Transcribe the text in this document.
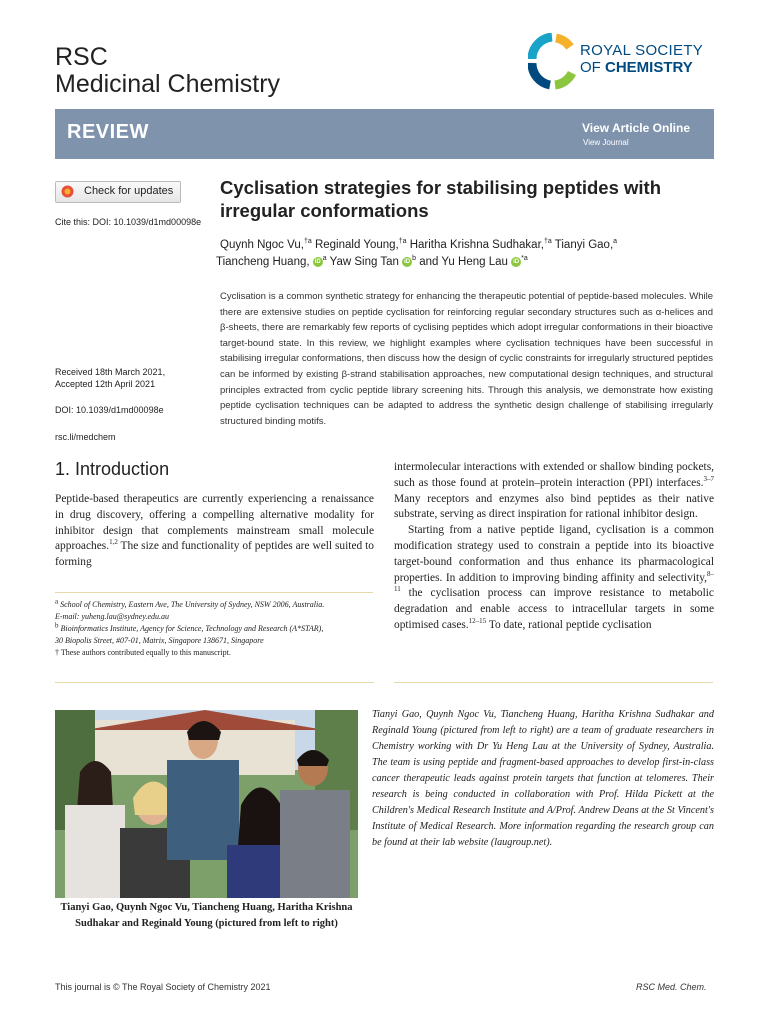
RSC
Medicinal Chemistry
ROYAL SOCIETY
OF CHEMISTRY
REVIEW	View Article Online
View Journal
Check for updates
Cite this: DOI: 10.1039/d1md00098e
Received 18th March 2021,
Accepted 12th April 2021
DOI: 10.1039/d1md00098e
rsc.li/medchem
Cyclisation strategies for stabilising peptides with irregular conformations
Quynh Ngoc Vu,$^{\dagger a}$ Reginald Young,$^{\dagger a}$ Haritha Krishna Sudhakar,$^{\dagger a}$ Tianyi Gao,$^a$
Tiancheng Huang, iD $^a$ Yaw Sing Tan iD $^b$ and Yu Heng Lau iD $^{*a}$
Cyclisation is a common synthetic strategy for enhancing the therapeutic potential of peptide-based molecules. While there are extensive studies on peptide cyclisation for reinforcing regular secondary structures such as α-helices and β-sheets, there are remarkably few reports of cyclising peptides which adopt irregular conformations in their bioactive target-bound state. In this review, we highlight examples where cyclisation techniques have been successful in stabilising irregular conformations, then discuss how the design of cyclic constraints for irregularly structured peptides can be informed by existing β-strand stabilisation approaches, new computational design techniques, and structural principles extracted from cyclic peptide library screening hits. Through this analysis, we demonstrate how existing peptide cyclisation techniques can be adapted to address the synthetic design challenge of stabilising irregularly structured binding motifs.
1. Introduction
Peptide-based therapeutics are currently experiencing a renaissance in drug discovery, offering a compelling alternative modality for inhibitor design that complements mainstream small molecule approaches.$^{1,2}$ The size and functionality of peptides are well suited to forming
$^a$ School of Chemistry, Eastern Ave, The University of Sydney, NSW 2006, Australia.
E-mail: yuheng.lau@sydney.edu.au
$^b$ Bioinformatics Institute, Agency for Science, Technology and Research (A*STAR),
30 Biopolis Street, #07-01, Matrix, Singapore 138671, Singapore
† These authors contributed equally to this manuscript.
intermolecular interactions with extended or shallow binding pockets, such as those found at protein–protein interaction (PPI) interfaces.$^{3-7}$ Many receptors and enzymes also bind peptides as their native substrate, serving as direct inspiration for rational inhibitor design.
Starting from a native peptide ligand, cyclisation is a common modification strategy used to constrain a peptide into its bioactive target-bound conformation and thus enhance its pharmacological properties. In addition to improving binding affinity and selectivity,$^{8-11}$ the cyclisation process can improve resistance to metabolic degradation and enable access to intracellular targets in some optimised cases.$^{12-15}$ To date, rational peptide cyclisation
Tianyi Gao, Quynh Ngoc Vu, Tiancheng Huang, Haritha Krishna Sudhakar and Reginald Young (pictured from left to right)
Tianyi Gao, Quynh Ngoc Vu, Tiancheng Huang, Haritha Krishna Sudhakar and Reginald Young (pictured from left to right) are a team of graduate researchers in Chemistry working with Dr Yu Heng Lau at the University of Sydney, Australia. The team is using peptide and fragment-based approaches to develop first-in-class cancer therapeutic leads against protein targets that function at telomeres. Their research is being conducted in collaboration with Prof. Hilda Pickett at the Children's Medical Research Institute and A/Prof. Andrew Deans at the St Vincent's Institute of Medical Research. More information regarding the research group can be found at their lab website (laugroup.net).
This journal is © The Royal Society of Chemistry 2021	RSC Med. Chem.
